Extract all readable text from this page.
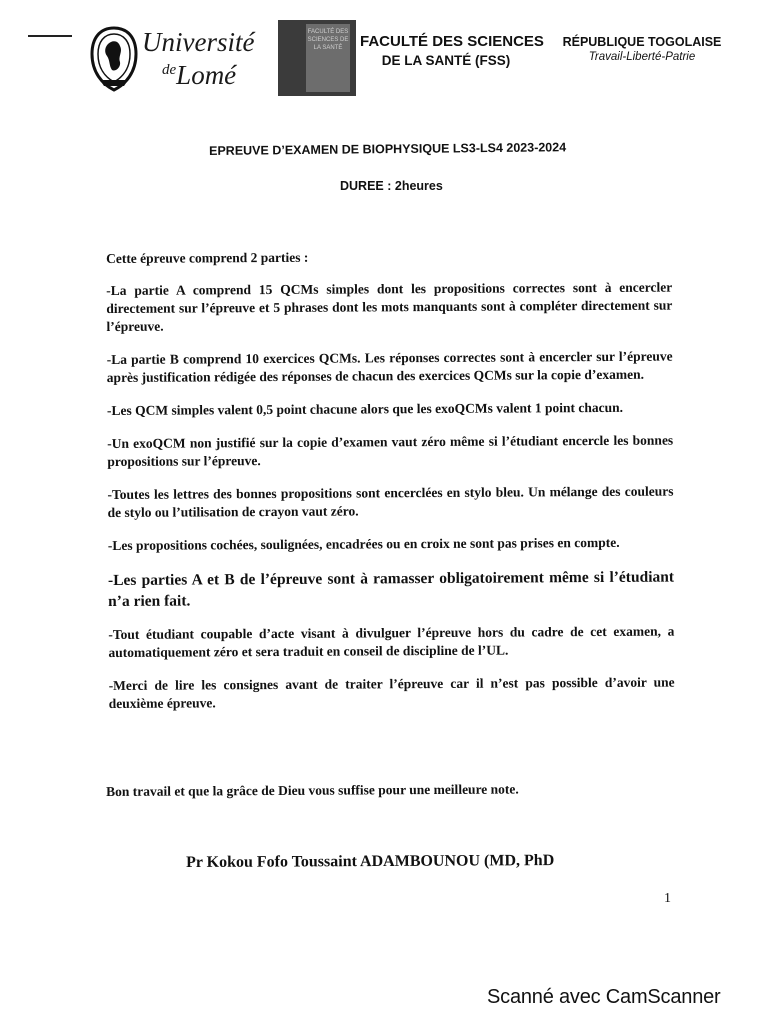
Université
$^{de}$Lomé
FACULTÉ DES SCIENCES DE LA SANTÉ	FACULTÉ DES SCIENCES
DE LA SANTÉ (FSS)
RÉPUBLIQUE TOGOLAISE
Travail-Liberté-Patrie
EPREUVE D’EXAMEN DE BIOPHYSIQUE LS3-LS4 2023-2024
DUREE : 2heures

Cette épreuve comprend 2 parties :

-La partie A comprend 15 QCMs simples dont les propositions correctes sont à encercler directement sur l’épreuve et 5 phrases dont les mots manquants sont à compléter directement sur l’épreuve.

-La partie B comprend 10 exercices QCMs. Les réponses correctes sont à encercler sur l’épreuve après justification rédigée des réponses de chacun des exercices QCMs sur la copie d’examen.

-Les QCM simples valent 0,5 point chacune alors que les exoQCMs valent 1 point chacun.

-Un exoQCM non justifié sur la copie d’examen vaut zéro même si l’étudiant encercle les bonnes propositions sur l’épreuve.

-Toutes les lettres des bonnes propositions sont encerclées en stylo bleu. Un mélange des couleurs de stylo ou l’utilisation de crayon vaut zéro.

-Les propositions cochées, soulignées, encadrées ou en croix ne sont pas prises en compte.

-Les parties A et B de l’épreuve sont à ramasser obligatoirement même si l’étudiant n’a rien fait.

-Tout étudiant coupable d’acte visant à divulguer l’épreuve hors du cadre de cet examen, a automatiquement zéro et sera traduit en conseil de discipline de l’UL.

-Merci de lire les consignes avant de traiter l’épreuve car il n’est pas possible d’avoir une deuxième épreuve.

Bon travail et que la grâce de Dieu vous suffise pour une meilleure note.
Pr Kokou Fofo Toussaint ADAMBOUNOU (MD, PhD
1
Scanné avec CamScanner
